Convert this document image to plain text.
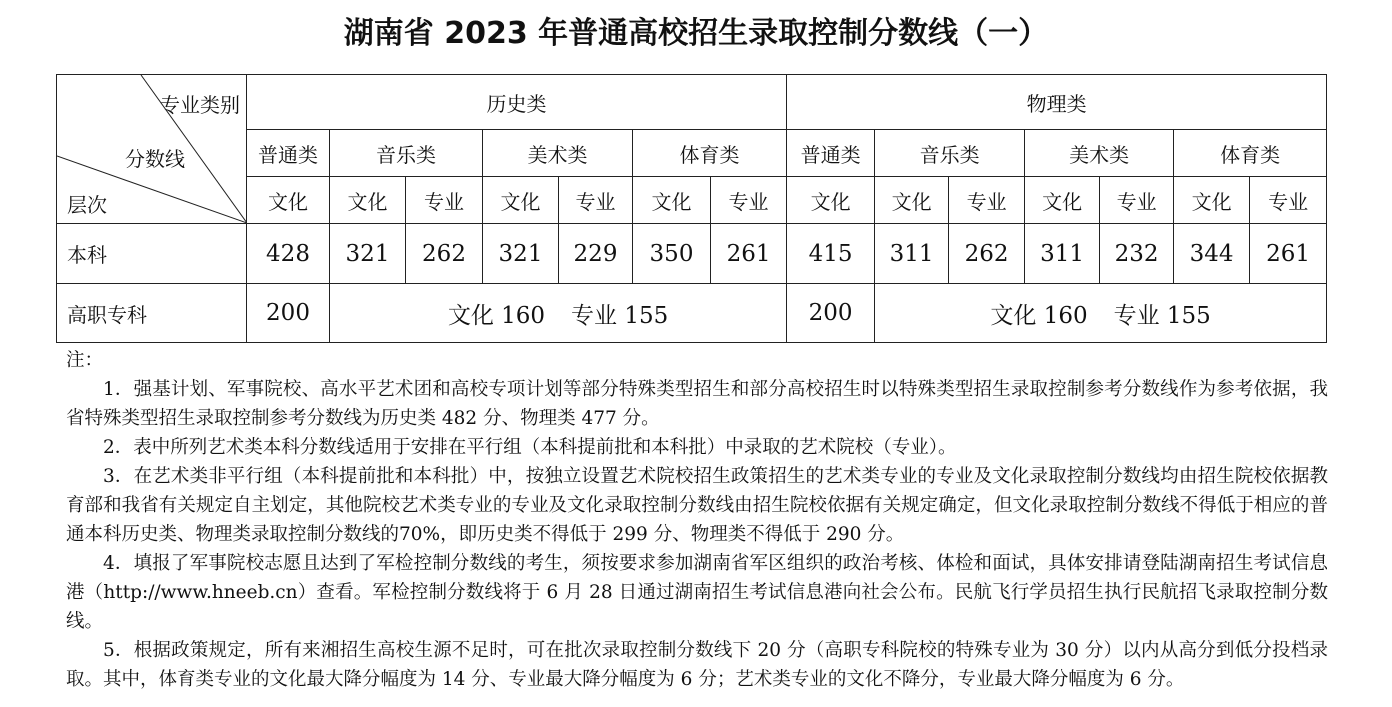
湖南省 2023 年普通高校招生录取控制分数线（一）
专业类别
分数线
层次	历史类							物理类						
	普通类	音乐类		美术类		体育类		普通类	音乐类		美术类		体育类	
	文化	文化	专业	文化	专业	文化	专业	文化	文化	专业	文化	专业	文化	专业
本科	428	321	262	321	229	350	261	415	311	262	311	232	344	261
高职专科	200	文化 160 专业 155						200	文化 160 专业 155					

注：

1．强基计划、军事院校、高水平艺术团和高校专项计划等部分特殊类型招生和部分高校招生时以特殊类型招生录取控制参考分数线作为参考依据，我省特殊类型招生录取控制参考分数线为历史类 482 分、物理类 477 分。

2．表中所列艺术类本科分数线适用于安排在平行组（本科提前批和本科批）中录取的艺术院校（专业）。

3．在艺术类非平行组（本科提前批和本科批）中，按独立设置艺术院校招生政策招生的艺术类专业的专业及文化录取控制分数线均由招生院校依据教育部和我省有关规定自主划定，其他院校艺术类专业的专业及文化录取控制分数线由招生院校依据有关规定确定，但文化录取控制分数线不得低于相应的普通本科历史类、物理类录取控制分数线的70%，即历史类不得低于 299 分、物理类不得低于 290 分。

4．填报了军事院校志愿且达到了军检控制分数线的考生，须按要求参加湖南省军区组织的政治考核、体检和面试，具体安排请登陆湖南招生考试信息港（http://www.hneeb.cn）查看。军检控制分数线将于 6 月 28 日通过湖南招生考试信息港向社会公布。民航飞行学员招生执行民航招飞录取控制分数线。

5．根据政策规定，所有来湘招生高校生源不足时，可在批次录取控制分数线下 20 分（高职专科院校的特殊专业为 30 分）以内从高分到低分投档录取。其中，体育类专业的文化最大降分幅度为 14 分、专业最大降分幅度为 6 分；艺术类专业的文化不降分，专业最大降分幅度为 6 分。
